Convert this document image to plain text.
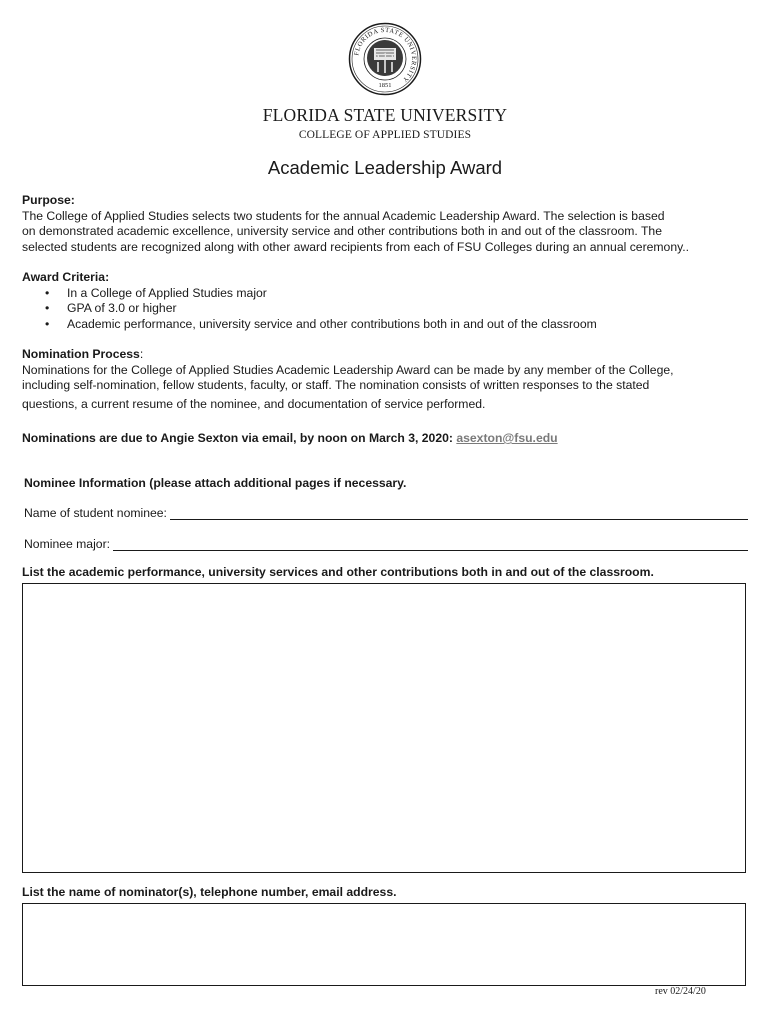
FLORIDA STATE UNIVERSITY
1851
FLORIDA STATE UNIVERSITY
COLLEGE OF APPLIED STUDIES
Academic Leadership Award
Purpose:
The College of Applied Studies selects two students for the annual Academic Leadership Award. The selection is based
on demonstrated academic excellence, university service and other contributions both in and out of the classroom. The
selected students are recognized along with other award recipients from each of FSU Colleges during an annual ceremony..
Award Criteria:
• In a College of Applied Studies major
• GPA of 3.0 or higher
• Academic performance, university service and other contributions both in and out of the classroom
Nomination Process:
Nominations for the College of Applied Studies Academic Leadership Award can be made by any member of the College,
including self-nomination, fellow students, faculty, or staff. The nomination consists of written responses to the stated
questions, a current resume of the nominee, and documentation of service performed.
Nominations are due to Angie Sexton via email, by noon on March 3, 2020: asexton@fsu.edu
Nominee Information (please attach additional pages if necessary.
Name of student nominee:
Nominee major:
List the academic performance, university services and other contributions both in and out of the classroom.
List the name of nominator(s), telephone number, email address.
rev 02/24/20
